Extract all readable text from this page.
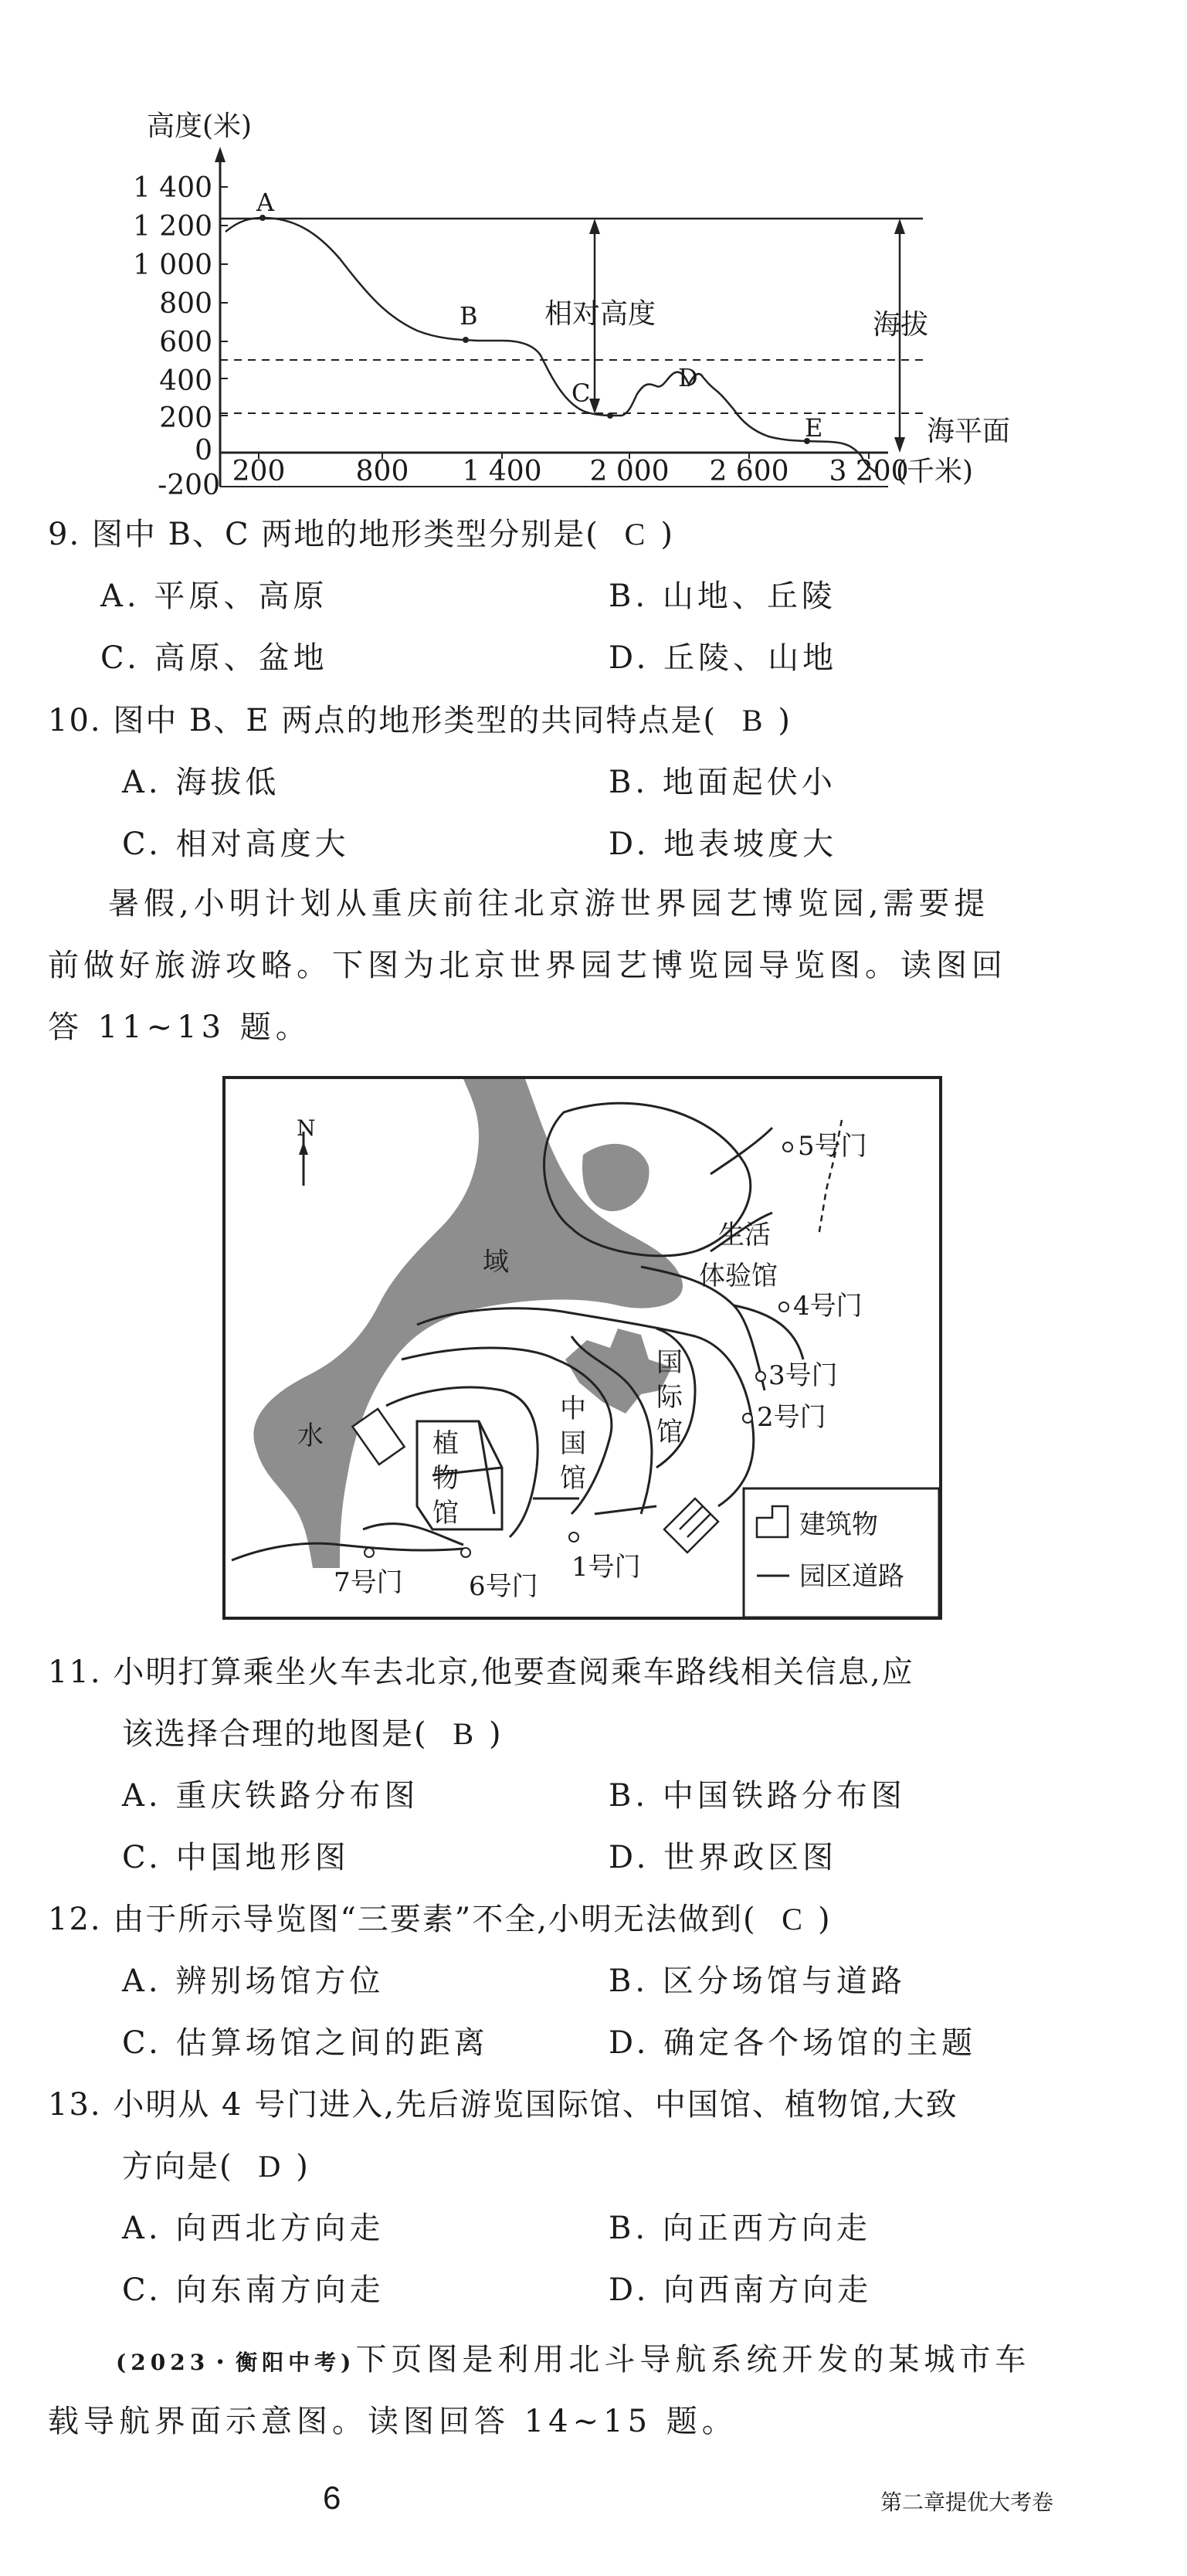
高度(米)
1 400
1 200
1 000
800
600
400
200
0
-200 200	800 1 400 2 000 2 600 3 200
(千米)
A
B
C
D
E
相对高度	海拔
海平面
9. 图中 B、C 两地的地形类型分别是( C )
A. 平原、高原	B. 山地、丘陵
C. 高原、盆地	D. 丘陵、山地
10. 图中 B、E 两点的地形类型的共同特点是( B )
A. 海拔低	B. 地面起伏小
C. 相对高度大	D. 地表坡度大
暑假,小明计划从重庆前往北京游世界园艺博览园,需要提
前做好旅游攻略。下图为北京世界园艺博览园导览图。读图回
答 11~13 题。
N
5号门
4号门
3号门
2号门
1号门
6号门
7号门
生活
体验馆
国
际
馆
中
国
馆
植
物
馆
水
域
建筑物
园区道路
11. 小明打算乘坐火车去北京,他要查阅乘车路线相关信息,应
该选择合理的地图是( B )
A. 重庆铁路分布图	B. 中国铁路分布图
C. 中国地形图	D. 世界政区图
12. 由于所示导览图“三要素”不全,小明无法做到( C )
A. 辨别场馆方位	B. 区分场馆与道路
C. 估算场馆之间的距离	D. 确定各个场馆的主题
13. 小明从 4 号门进入,先后游览国际馆、中国馆、植物馆,大致
方向是( D )
A. 向西北方向走	B. 向正西方向走
C. 向东南方向走	D. 向西南方向走
(2023・衡阳中考)下页图是利用北斗导航系统开发的某城市车
载导航界面示意图。读图回答 14~15 题。
6	第二章提优大考卷
